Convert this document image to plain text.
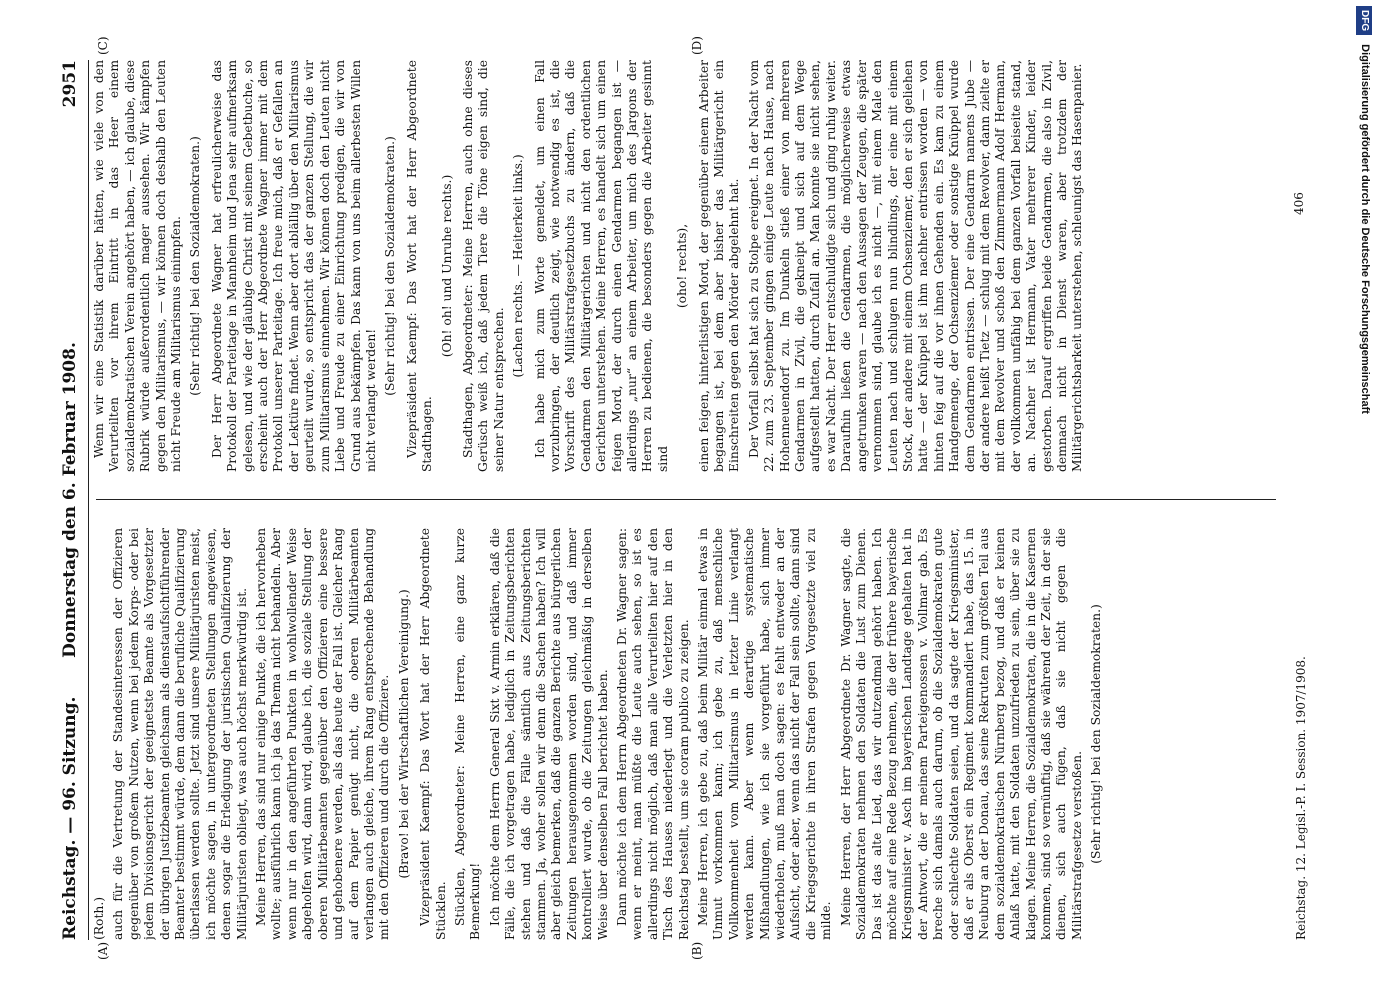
Reichstag. — 96. Sitzung.
Donnerstag den 6. Februar 1908.
2951
(A)	(B)
(C)	(D)

(Roth.) auch für die Vertretung der Standesinteressen der Offizieren gegenüber von großem Nutzen, wenn bei jedem Korps- oder bei jedem Divisionsgericht der geeignetste Beamte als Vorgesetzter der übrigen Justizbeamten gleichsam als dienstaufsichtführender Beamter bestimmt würde, dem dann die berufliche Qualifizierung überlassen werden sollte. Jetzt sind unsere Militärjuristen meist, ich möchte sagen, in untergeordneten Stellungen angewiesen, denen sogar die Erledigung der juristischen Qualifizierung der Militärjuristen obliegt, was auch höchst merkwürdig ist. Meine Herren, das sind nur einige Punkte, die ich hervorheben wollte; ausführlich kann ich ja das Thema nicht behandeln. Aber wenn nur in den angeführten Punkten in wohlwollender Weise abgeholfen wird, dann wird, glaube ich, die soziale Stellung der oberen Militärbeamten gegenüber den Offizieren eine bessere und gehobenere werden, als das heute der Fall ist. Gleicher Rang auf dem Papier genügt nicht, die oberen Militärbeamten verlangen auch gleiche, ihrem Rang entsprechende Behandlung mit den Offizieren und durch die Offiziere. (Bravo! bei der Wirtschaftlichen Vereinigung.) Vizepräsident Kaempf: Das Wort hat der Herr Abgeordnete Stücklen. Stücklen, Abgeordneter: Meine Herren, eine ganz kurze Bemerkung! Ich möchte dem Herrn General Sixt v. Armin erklären, daß die Fälle, die ich vorgetragen habe, lediglich in Zeitungsberichten stehen und daß die Fälle sämtlich aus Zeitungsberichten stammen. Ja, woher sollen wir denn die Sachen haben? Ich will aber gleich bemerken, daß die ganzen Berichte aus bürgerlichen Zeitungen herausgenommen worden sind, und daß immer kontrolliert wurde, ob die Zeitungen gleichmäßig in derselben Weise über denselben Fall berichtet haben. Dann möchte ich dem Herrn Abgeordneten Dr. Wagner sagen: wenn er meint, man müßte die Leute auch sehen, so ist es allerdings nicht möglich, daß man alle Verurteilten hier auf den Tisch des Hauses niederlegt und die Verletzten hier in den Reichstag bestellt, um sie coram publico zu zeigen. Meine Herren, ich gebe zu, daß beim Militär einmal etwas in Unmut vorkommen kann; ich gebe zu, daß menschliche Vollkommenheit vom Militarismus in letzter Linie verlangt werden kann. Aber wenn derartige systematische Mißhandlungen, wie ich sie vorgeführt habe, sich immer wiederholen, muß man doch sagen: es fehlt entweder an der Aufsicht, oder aber, wenn das nicht der Fall sein sollte, dann sind die Kriegsgerichte in ihren Strafen gegen Vorgesetzte viel zu milde. Meine Herren, der Herr Abgeordnete Dr. Wagner sagte, die Sozialdemokraten nehmen den Soldaten die Lust zum Dienen. Das ist das alte Lied, das wir dutzendmal gehört haben. Ich möchte auf eine Rede Bezug nehmen, die der frühere bayerische Kriegsminister v. Asch im bayerischen Landtage gehalten hat in der Antwort, die er meinem Parteigenossen v. Vollmar gab. Es breche sich damals auch darum, ob die Sozialdemokraten gute oder schlechte Soldaten seien, und da sagte der Kriegsminister, daß er als Oberst ein Regiment kommandiert habe, das 15. in Neuburg an der Donau, das seine Rekruten zum größten Teil aus dem sozialdemokratischen Nürnberg bezog, und daß er keinen Anlaß hatte, mit den Soldaten unzufrieden zu sein, über sie zu klagen. Meine Herren, die Sozialdemokraten, die in die Kasernen kommen, sind so vernünftig, daß sie während der Zeit, in der sie dienen, sich auch fügen, daß sie nicht gegen die Militärstrafgesetze verstoßen. (Sehr richtig! bei den Sozialdemokraten.)

Wenn wir eine Statistik darüber hätten, wie viele von den Verurteilten vor ihrem Eintritt in das Heer einem sozialdemokratischen Verein angehört haben, — ich glaube, diese Rubrik würde außerordentlich mager aussehen. Wir kämpfen gegen den Militarismus, — wir können doch deshalb den Leuten nicht Freude am Militarismus einimpfen. (Sehr richtig! bei den Sozialdemokraten.) Der Herr Abgeordnete Wagner hat erfreulicherweise das Protokoll der Parteitage in Mannheim und Jena sehr aufmerksam gelesen, und wie der gläubige Christ mit seinem Gebetbuche, so erscheint auch der Herr Abgeordnete Wagner immer mit dem Protokoll unserer Parteitage. Ich freue mich, daß er Gefallen an der Lektüre findet. Wenn aber dort ablällig über den Militarismus geurteilt wurde, so entspricht das der ganzen Stellung, die wir zum Militarismus einnehmen. Wir können doch den Leuten nicht Liebe und Freude zu einer Einrichtung predigen, die wir von Grund aus bekämpfen. Das kann von uns beim allerbesten Willen nicht verlangt werden!

(Sehr richtig! bei den Sozialdemokraten.) Vizepräsident Kaempf: Das Wort hat der Herr Abgeordnete Stadthagen.

(Oh! oh! und Unruhe rechts.) Stadthagen, Abgeordneter: Meine Herren, auch ohne dieses Gerüsch weiß ich, daß jedem Tiere die Töne eigen sind, die seiner Natur entsprechen.

(Lachen rechts. — Heiterkeit links.) Ich habe mich zum Worte gemeldet, um einen Fall vorzubringen, der deutlich zeigt, wie notwendig es ist, die Vorschrift des Militärstrafgesetzbuchs zu ändern, daß die Gendarmen den Militärgerichten und nicht den ordentlichen Gerichten unterstehen. Meine Herren, es handelt sich um einen feigen Mord, der durch einen Gendarmen begangen ist — allerdings „nur“ an einem Arbeiter, um mich des Jargons der Herren zu bedienen, die besonders gegen die Arbeiter gesinnt sind

(oho! rechts), einen feigen, hinterlistigen Mord, der gegenüber einem Arbeiter begangen ist, bei dem aber bisher das Militärgericht ein Einschreiten gegen den Mörder abgelehnt hat. Der Vorfall selbst hat sich zu Stolpe ereignet. In der Nacht vom 22. zum 23. September gingen einige Leute nach Hause, nach Hohenneuendorf zu. Im Dunkeln stieß einer von mehreren Gendarmen in Zivil, die gekneipt und sich auf dem Wege aufgestellt hatten, durch Zufall an. Man konnte sie nicht sehen, es war Nacht. Der Herr entschuldigte sich und ging ruhig weiter. Daraufhin ließen die Gendarmen, die möglicherweise etwas angetrunken waren — nach den Aussagen der Zeugen, die später vernommen sind, glaube ich es nicht —, mit einem Male den Leuten nach und schlugen nun blindlings, der eine mit einem Stock, der andere mit einem Ochsenziemer, den er sich geliehen hatte — der Knüppel ist ihm nachher entrissen worden — von hinten feig auf die vor ihnen Gehenden ein. Es kam zu einem Handgemenge, der Ochsenziemer oder sonstige Knüppel wurde dem Gendarmen entrissen. Der eine Gendarm namens Jube — der andere heißt Tietz — schlug mit dem Revolver, dann zielte er mit dem Revolver und schoß den Zimmermann Adolf Hermann, der vollkommen unfähig bei dem ganzen Vorfall beiseite stand, an. Nachher ist Hermann, Vater mehrerer Kinder, leider gestorben. Darauf ergriffen beide Gendarmen, die also in Zivil, demnach nicht in Dienst waren, aber trotzdem der Militärgerichtsbarkeit unterstehen, schleunigst das Hasenpanier.

Reichstag. 12. Legisl.-P. I. Session. 1907/1908.
406
DFG Digitalisierung gefördert durch die Deutsche Forschungsgemeinschaft
